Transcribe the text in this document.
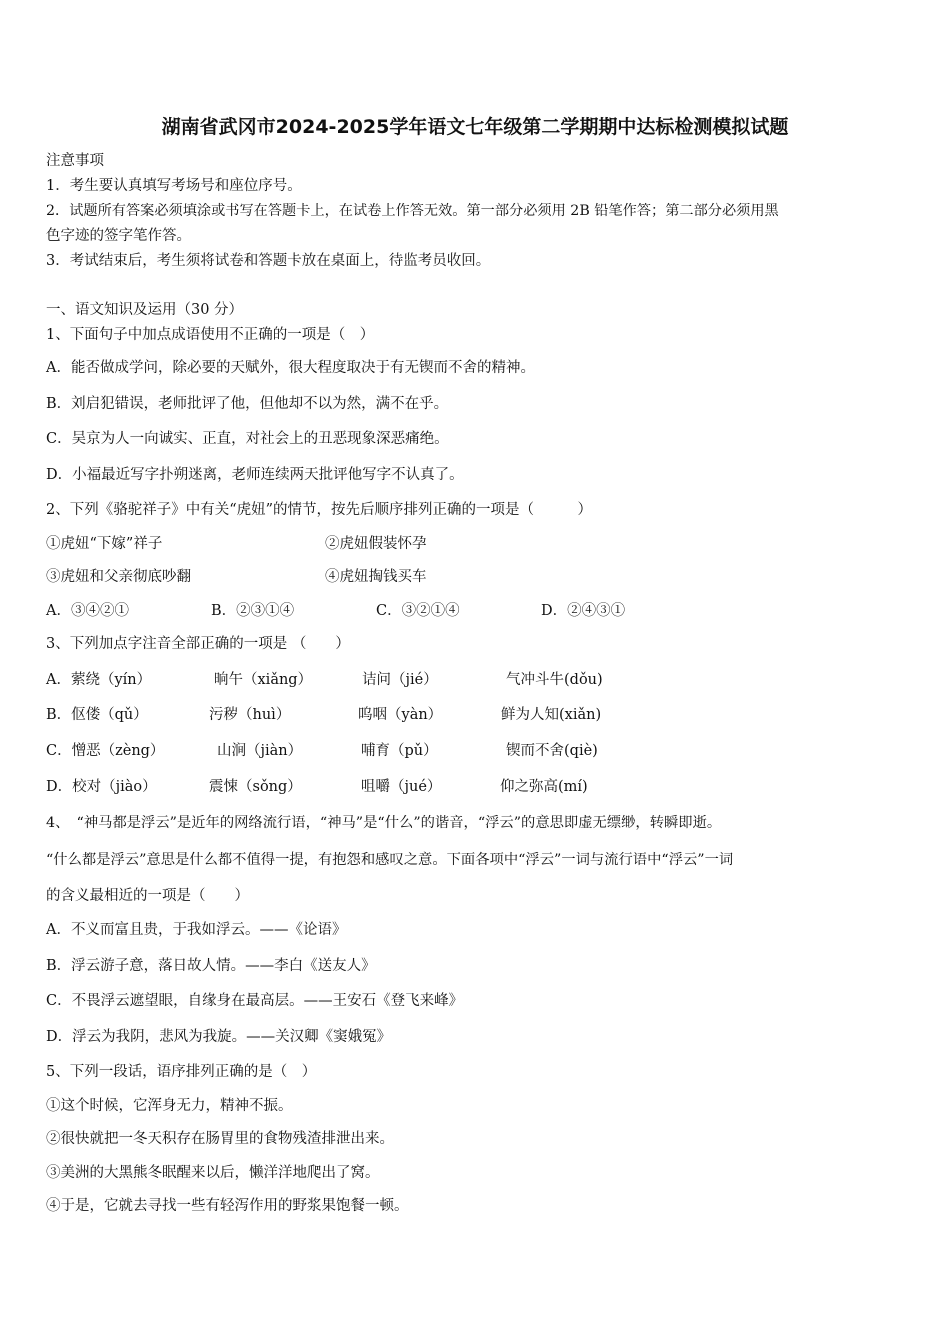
湖南省武冈市2024-2025学年语文七年级第二学期期中达标检测模拟试题
注意事项
1．考生要认真填写考场号和座位序号。
2．试题所有答案必须填涂或书写在答题卡上，在试卷上作答无效。第一部分必须用 2B 铅笔作答；第二部分必须用黑
色字迹的签字笔作答。
3．考试结束后，考生须将试卷和答题卡放在桌面上，待监考员收回。
一、语文知识及运用（30 分）
1、下面句子中加点成语使用不正确的一项是（　）
A．能否做成学问，除必要的天赋外，很大程度取决于有无锲而不舍的精神。
B．刘启犯错误，老师批评了他，但他却不以为然，满不在乎。
C．吴京为人一向诚实、正直，对社会上的丑恶现象深恶痛绝。
D．小福最近写字扑朔迷离，老师连续两天批评他写字不认真了。
2、下列《骆驼祥子》中有关“虎妞”的情节，按先后顺序排列正确的一项是（　　　）
①虎妞“下嫁”祥子	②虎妞假装怀孕
③虎妞和父亲彻底吵翻	④虎妞掏钱买车
A．③④②①	B．②③①④	C．③②①④	D．②④③①
3、下列加点字注音全部正确的一项是 （　　）
A．萦绕（yín）	晌午（xiǎng）	诘问（jié）	气冲斗牛(dǒu)
B．伛偻（qǔ）	污秽（huì）	呜咽（yàn）	鲜为人知(xiǎn)
C．憎恶（zèng）	山涧（jiàn）	哺育（pǔ）	锲而不舍(qiè)
D．校对（jiào）	震悚（sǒng）	咀嚼（jué）	仰之弥高(mí)
4、　“神马都是浮云”是近年的网络流行语，“神马”是“什么”的谐音，“浮云”的意思即虚无缥缈，转瞬即逝。
“什么都是浮云”意思是什么都不值得一提，有抱怨和感叹之意。下面各项中“浮云”一词与流行语中“浮云”一词
的含义最相近的一项是（　　）
A．不义而富且贵，于我如浮云。——《论语》
B．浮云游子意，落日故人情。——李白《送友人》
C．不畏浮云遮望眼，自缘身在最高层。——王安石《登飞来峰》
D．浮云为我阴，悲风为我旋。——关汉卿《窦娥冤》
5、下列一段话，语序排列正确的是（　）
①这个时候，它浑身无力，精神不振。
②很快就把一冬天积存在肠胃里的食物残渣排泄出来。
③美洲的大黑熊冬眠醒来以后，懒洋洋地爬出了窝。
④于是，它就去寻找一些有轻泻作用的野浆果饱餐一顿。
